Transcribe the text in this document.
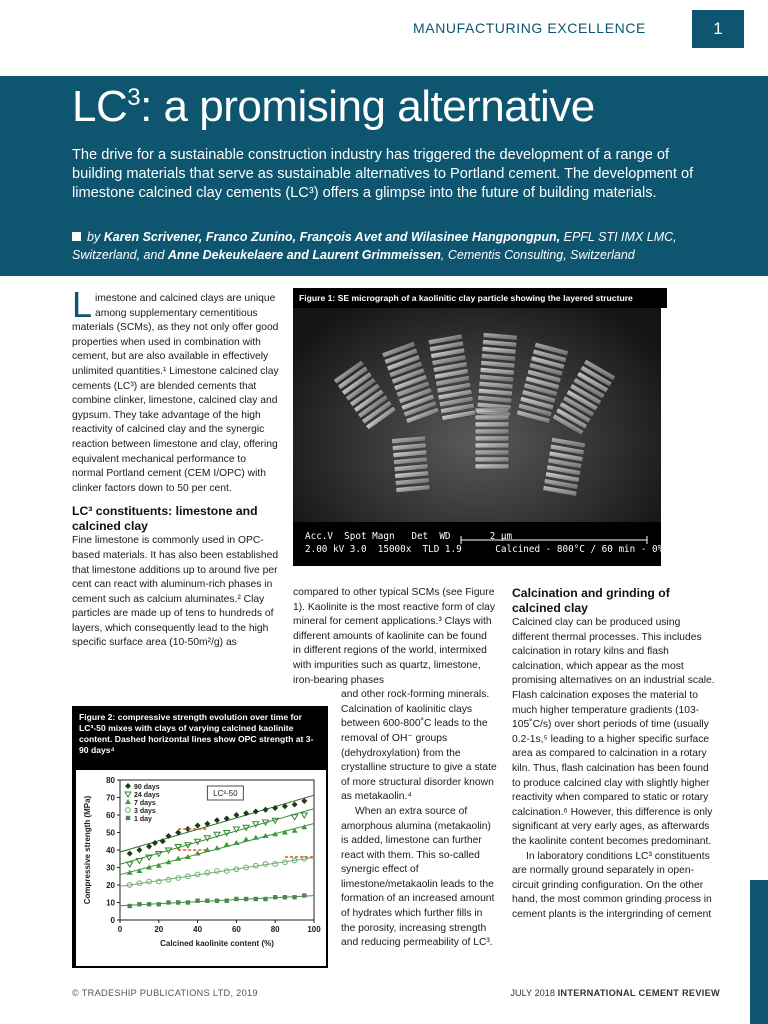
MANUFACTURING EXCELLENCE	1
$LC^3$: a promising alternative
The drive for a sustainable construction industry has triggered the development of a range of building materials that serve as sustainable alternatives to Portland cement. The development of limestone calcined clay cements (LC³) offers a glimpse into the future of building materials.
by Karen Scrivener, Franco Zunino, François Avet and Wilasinee Hangpongpun, EPFL STI IMX LMC, Switzerland, and Anne Dekeukelaere and Laurent Grimmeissen, Cementis Consulting, Switzerland

Limestone and calcined clays are unique among supplementary cementitious materials (SCMs), as they not only offer good properties when used in combination with cement, but are also available in effectively unlimited quantities.¹ Limestone calcined clay cements (LC³) are blended cements that combine clinker, limestone, calcined clay and gypsum. They take advantage of the high reactivity of calcined clay and the synergic reaction between limestone and clay, offering equivalent mechanical performance to normal Portland cement (CEM I/OPC) with clinker factors down to 50 per cent.

LC³ constituents: limestone and calcined clay

Fine limestone is commonly used in OPC-based materials. It has also been established that limestone additions up to around five per cent can react with aluminum-rich phases in cement such as calcium aluminates.² Clay particles are made up of tens to hundreds of layers, which consequently lead to the high specific surface area (10-50m²/g) as

Figure 1: SE micrograph of a kaolinitic clay particle showing the layered structure
Acc.V  Spot Magn   Det  WD	2 µm
2.00 kV 3.0  15000x  TLD 1.9      Calcined - 800°C / 60 min - 0% LS

compared to other typical SCMs (see Figure 1). Kaolinite is the most reactive form of clay mineral for cement applications.³ Clays with different amounts of kaolinite can be found in different regions of the world, intermixed with impurities such as quartz, limestone, iron-bearing phases

and other rock-forming minerals. Calcination of kaolinitic clays between 600-800˚C leads to the removal of OH⁻ groups (dehydroxylation) from the crystalline structure to give a state of more structural disorder known as metakaolin.⁴

When an extra source of amorphous alumina (metakaolin) is added, limestone can further react with them. This so-called synergic effect of limestone/metakaolin leads to the formation of an increased amount of hydrates which further fills in the porosity, increasing strength and reducing permeability of LC³.

Figure 2: compressive strength evolution over time for LC³-50 mixes with clays of varying calcined kaolinite content. Dashed horizontal lines show OPC strength at 3-90 days⁴
0
10
20
30
40
50
60
70
80
0	20	40	60	80	100
Calcined kaolinite content (%)
Compressive strength (MPa)
90 days
24 days
7 days
3 days
1 day
LC³-50
Calcination and grinding of calcined clay

Calcined clay can be produced using different thermal processes. This includes calcination in rotary kilns and flash calcination, which appear as the most promising alternatives on an industrial scale. Flash calcination exposes the material to much higher temperature gradients (103-105˚C/s) over short periods of time (usually 0.2-1s,⁵ leading to a higher specific surface area as compared to calcination in a rotary kiln. Thus, flash calcination has been found to produce calcined clay with slightly higher reactivity when compared to static or rotary calcination.⁶ However, this difference is only significant at very early ages, as afterwards the kaolinite content becomes predominant.

In laboratory conditions LC³ constituents are normally ground separately in open-circuit grinding configuration. On the other hand, the most common grinding process in cement plants is the intergrinding of cement

© TRADESHIP PUBLICATIONS LTD, 2019	JULY 2018 INTERNATIONAL CEMENT REVIEW
